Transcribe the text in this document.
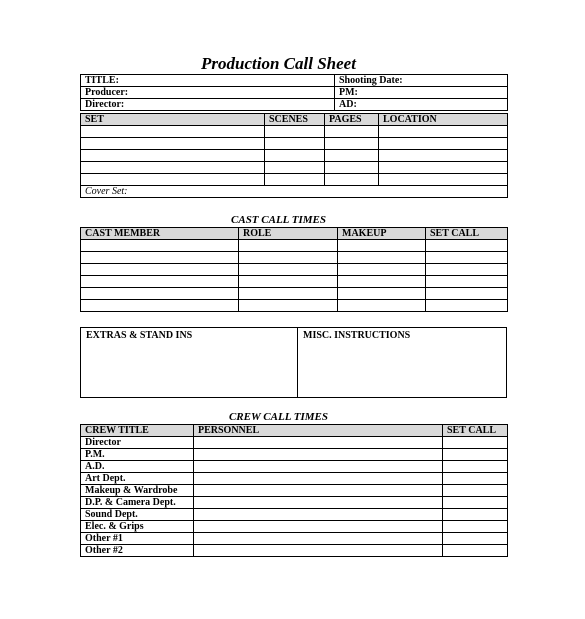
Production Call Sheet
TITLE:	Shooting Date:
Producer:	PM:
Director:	AD:
SET	SCENES	PAGES	LOCATION

Cover Set:			
CAST CALL TIMES
CAST MEMBER	ROLE	MAKEUP	SET CALL

EXTRAS & STAND INS	MISC. INSTRUCTIONS
CREW CALL TIMES
CREW TITLE	PERSONNEL	SET CALL
Director		
P.M.		
A.D.		
Art Dept.		
Makeup & Wardrobe		
D.P. & Camera Dept.		
Sound Dept.		
Elec. & Grips		
Other #1		
Other #2		
